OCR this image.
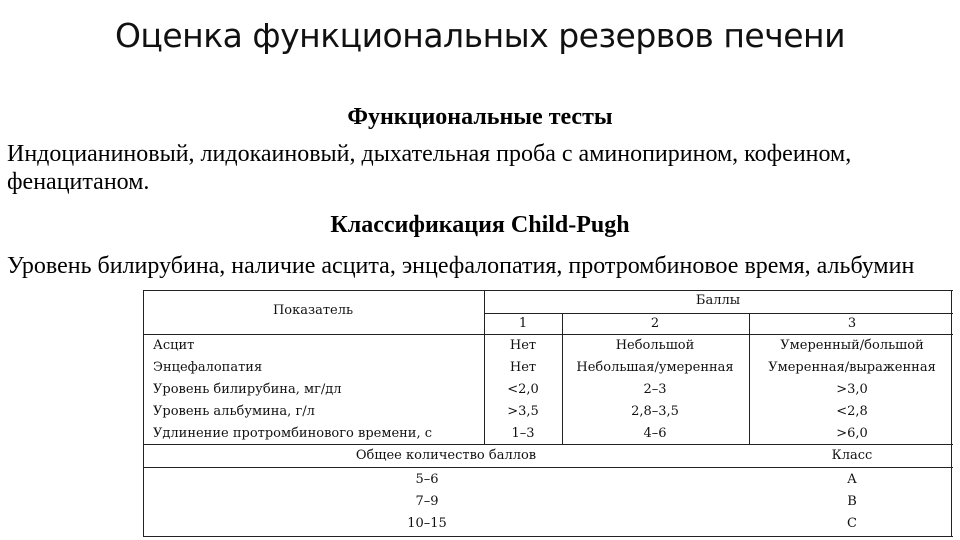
Оценка функциональных резервов печени
Функциональные тесты
Индоцианиновый, лидокаиновый, дыхательная проба с аминопирином, кофеином, фенацитаном.
Классификация Child-Pugh
Уровень билирубина, наличие асцита, энцефалопатия, протромбиновое время, альбумин
Показатель
Баллы
1	2	3
Асцит	Нет	Небольшой	Умеренный/большой
Энцефалопатия	Нет	Небольшая/умеренная	Умеренная/выраженная
Уровень билирубина, мг/дл	<2,0	2–3	>3,0
Уровень альбумина, г/л	>3,5	2,8–3,5	<2,8
Удлинение протромбинового времени, с	1–3	4–6	>6,0
Общее количество баллов	Класс
5–6	A
7–9	B
10–15	C
